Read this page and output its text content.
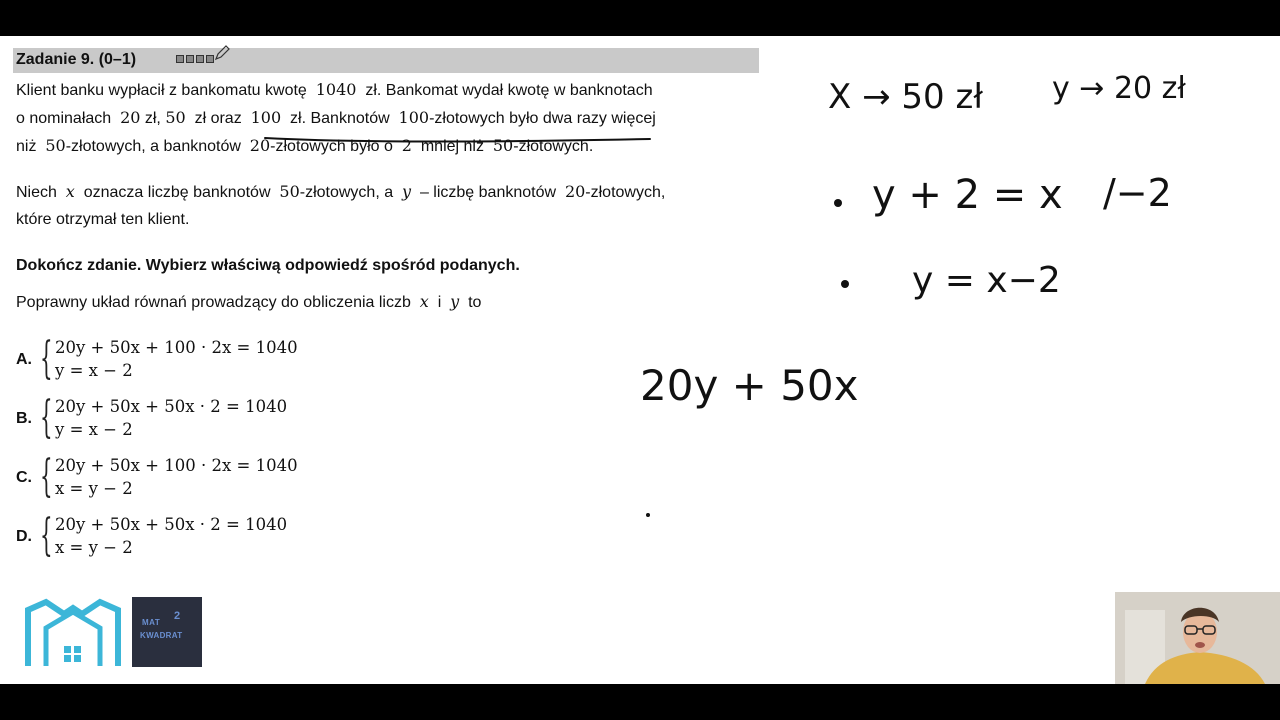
Zadanie 9. (0–1)
Klient banku wypłacił z bankomatu kwotę 1040 zł. Bankomat wydał kwotę w banknotach
o nominałach 20 zł, 50 zł oraz 100 zł. Banknotów 100-złotowych było dwa razy więcej
niż 50-złotowych, a banknotów 20-złotowych było o 2 mniej niż 50-złotowych.
Niech x oznacza liczbę banknotów 50-złotowych, a y – liczbę banknotów 20-złotowych,
które otrzymał ten klient.
Dokończ zdanie. Wybierz właściwą odpowiedź spośród podanych.
Poprawny układ równań prowadzący do obliczenia liczb x i y to
A. { 20y + 50x + 100 · 2x = 1040
y = x − 2
B. { 20y + 50x + 50x · 2 = 1040
y = x − 2
C. { 20y + 50x + 100 · 2x = 1040
x = y − 2
D. { 20y + 50x + 50x · 2 = 1040
x = y − 2
X → 50 zł y → 20 zł
y + 2 = x /−2
y = x−2
20y + 50x
MAT
2
KWADRAT
